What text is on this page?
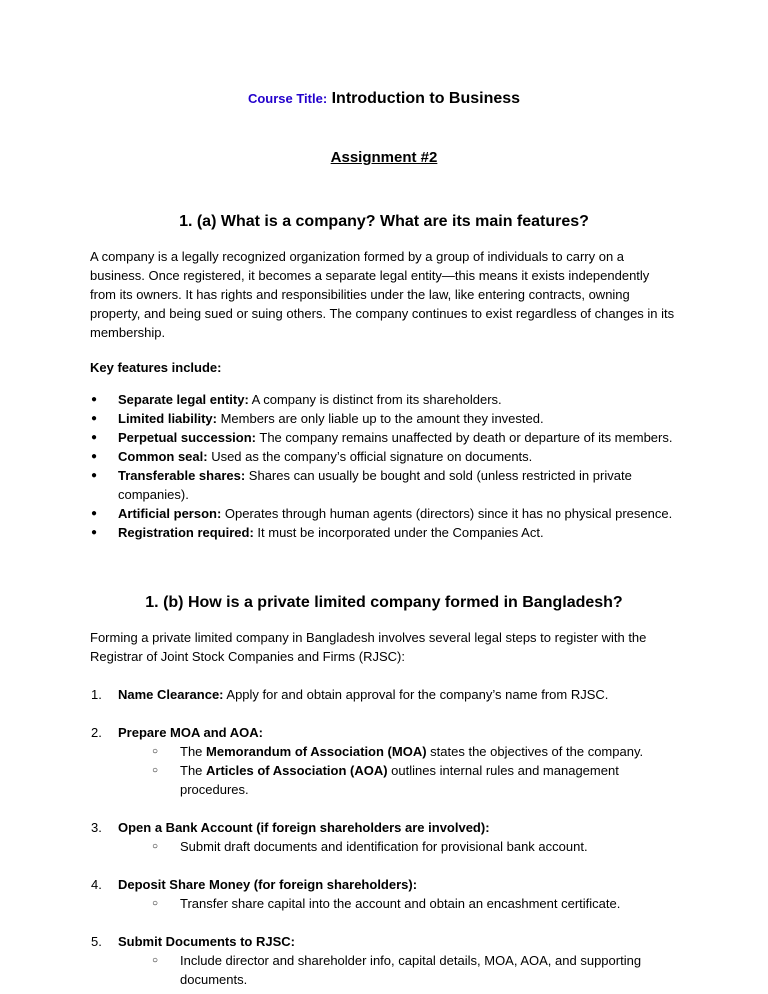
Course Title: Introduction to Business

Assignment #2

1. (a) What is a company? What are its main features?

A company is a legally recognized organization formed by a group of individuals to carry on a business. Once registered, it becomes a separate legal entity—this means it exists independently from its owners. It has rights and responsibilities under the law, like entering contracts, owning property, and being sued or suing others. The company continues to exist regardless of changes in its membership.

Key features include:

●	Separate legal entity: A company is distinct from its shareholders.
●	Limited liability: Members are only liable up to the amount they invested.
●	Perpetual succession: The company remains unaffected by death or departure of its members.
●	Common seal: Used as the company’s official signature on documents.
●	Transferable shares: Shares can usually be bought and sold (unless restricted in private companies).
●	Artificial person: Operates through human agents (directors) since it has no physical presence.
●	Registration required: It must be incorporated under the Companies Act.
1. (b) How is a private limited company formed in Bangladesh?

Forming a private limited company in Bangladesh involves several legal steps to register with the Registrar of Joint Stock Companies and Firms (RJSC):

1.	Name Clearance: Apply for and obtain approval for the company’s name from RJSC.
2.	Prepare MOA and AOA:
○	The Memorandum of Association (MOA) states the objectives of the company.
○	The Articles of Association (AOA) outlines internal rules and management procedures.
3.	Open a Bank Account (if foreign shareholders are involved):
○	Submit draft documents and identification for provisional bank account.
4.	Deposit Share Money (for foreign shareholders):
○	Transfer share capital into the account and obtain an encashment certificate.
5.	Submit Documents to RJSC:
○	Include director and shareholder info, capital details, MOA, AOA, and supporting documents.
